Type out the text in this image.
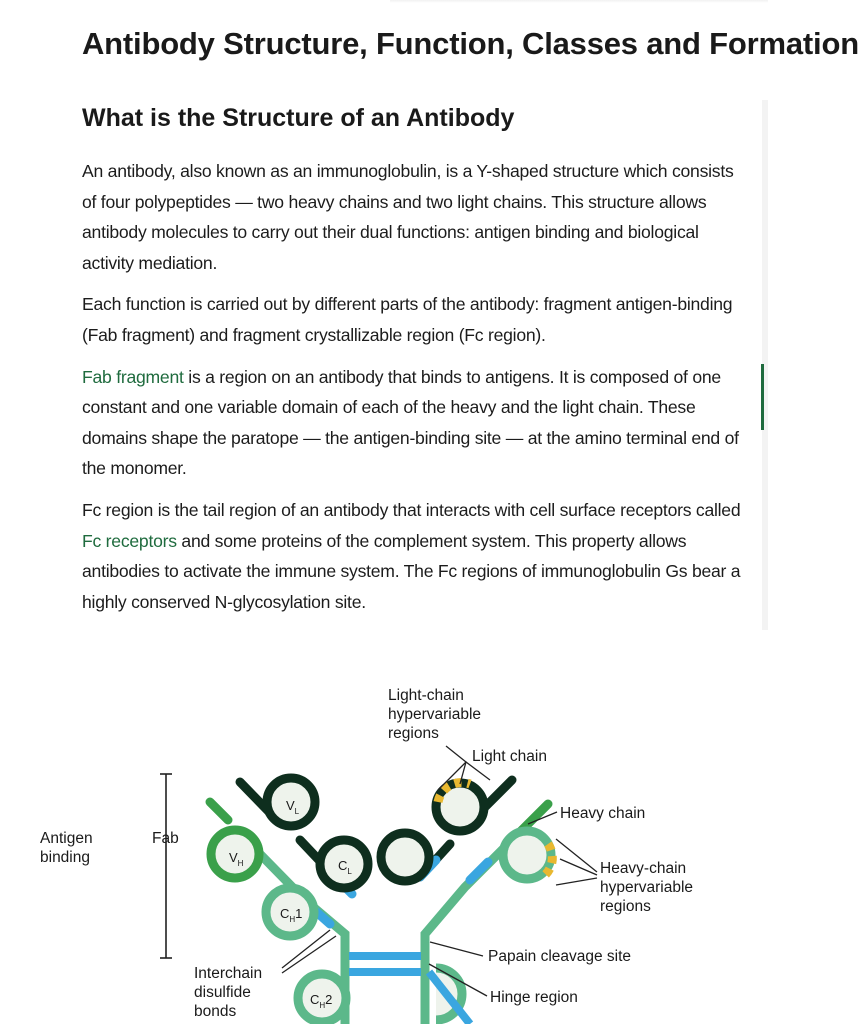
Antibody Structure, Function, Classes and Formation
What is the Structure of an Antibody

An antibody, also known as an immunoglobulin, is a Y-shaped structure which consists of four polypeptides — two heavy chains and two light chains. This structure allows antibody molecules to carry out their dual functions: antigen binding and biological activity mediation.

Each function is carried out by different parts of the antibody: fragment antigen-binding (Fab fragment) and fragment crystallizable region (Fc region).

Fab fragment is a region on an antibody that binds to antigens. It is composed of one constant and one variable domain of each of the heavy and the light chain. These domains shape the paratope — the antigen-binding site — at the amino terminal end of the monomer.

Fc region is the tail region of an antibody that interacts with cell surface receptors called Fc receptors and some proteins of the complement system. This property allows antibodies to activate the immune system. The Fc regions of immunoglobulin Gs bear a highly conserved N-glycosylation site.

$V_L$
$V_H$	$C_L$
$C_H1$
$C_H2$
Light-chain
hypervariable
regions
Light chain
Heavy chain
Heavy-chain
hypervariable
regions
Antigen
binding
Fab
Papain cleavage site
Hinge region
Interchain
disulfide
bonds
